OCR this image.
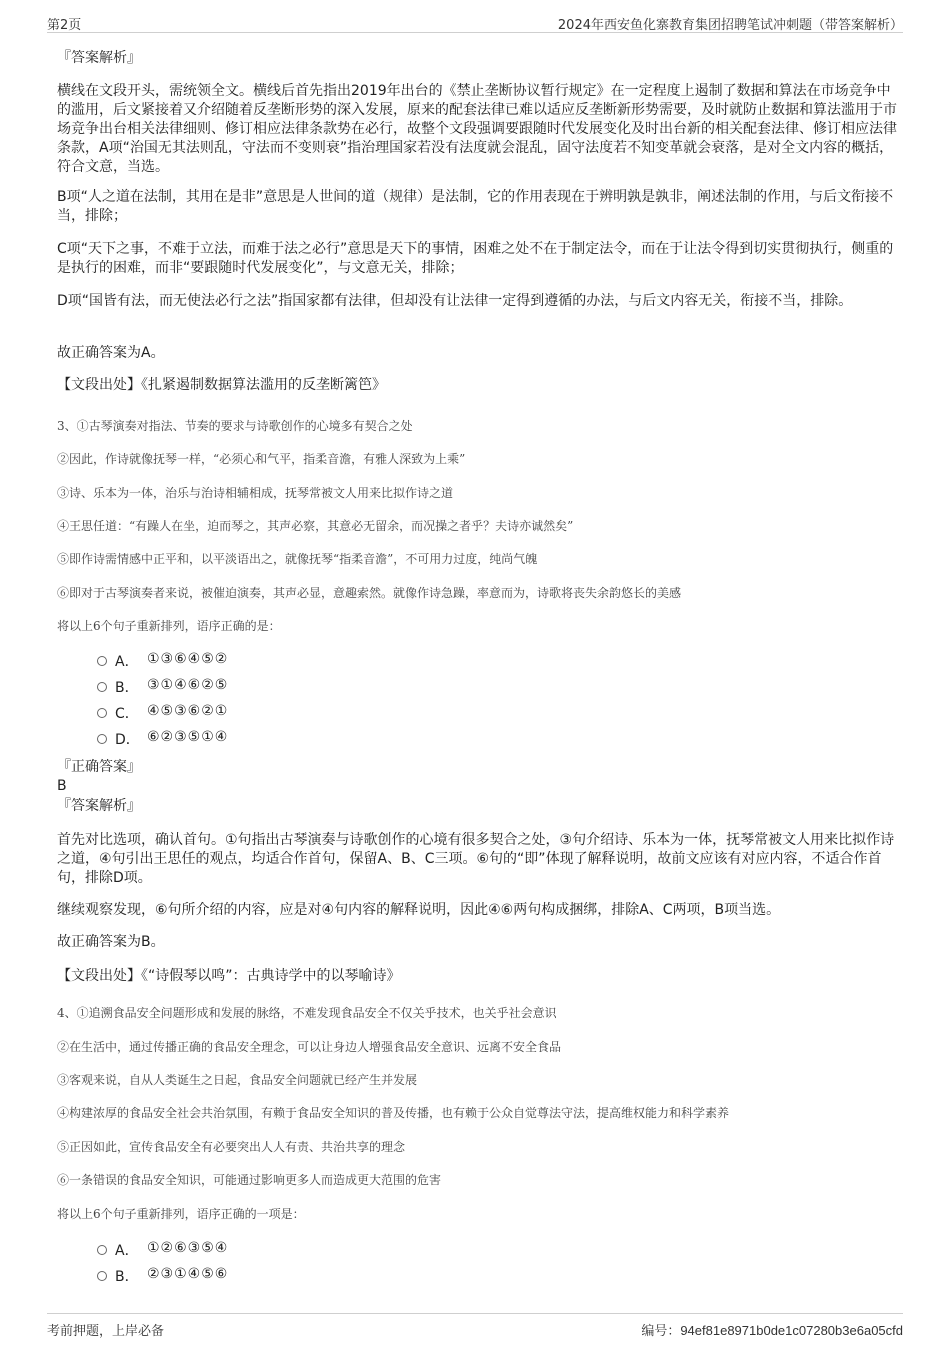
第2页	2024年西安鱼化寨教育集团招聘笔试冲刺题（带答案解析）
『答案解析』

横线在文段开头，需统领全文。横线后首先指出2019年出台的《禁止垄断协议暂行规定》在一定程度上遏制了数据和算法在市场竞争中的滥用，后文紧接着又介绍随着反垄断形势的深入发展，原来的配套法律已难以适应反垄断新形势需要，及时就防止数据和算法滥用于市场竞争出台相关法律细则、修订相应法律条款势在必行，故整个文段强调要跟随时代发展变化及时出台新的相关配套法律、修订相应法律条款，A项“治国无其法则乱，守法而不变则衰”指治理国家若没有法度就会混乱，固守法度若不知变革就会衰落，是对全文内容的概括，符合文意，当选。

B项“人之道在法制，其用在是非”意思是人世间的道（规律）是法制，它的作用表现在于辨明孰是孰非，阐述法制的作用，与后文衔接不当，排除；

C项“天下之事，不难于立法，而难于法之必行”意思是天下的事情，困难之处不在于制定法令，而在于让法令得到切实贯彻执行，侧重的是执行的困难，而非“要跟随时代发展变化”，与文意无关，排除；

D项“国皆有法，而无使法必行之法”指国家都有法律，但却没有让法律一定得到遵循的办法，与后文内容无关，衔接不当，排除。

故正确答案为A。

【文段出处】《扎紧遏制数据算法滥用的反垄断篱笆》

3、①古琴演奏对指法、节奏的要求与诗歌创作的心境多有契合之处
②因此，作诗就像抚琴一样，“必须心和气平，指柔音澹，有雅人深致为上乘”
③诗、乐本为一体，治乐与治诗相辅相成，抚琴常被文人用来比拟作诗之道
④王思任道：“有躁人在坐，迫而琴之，其声必察，其意必无留余，而况操之者乎？夫诗亦诚然矣”
⑤即作诗需情感中正平和，以平淡语出之，就像抚琴“指柔音澹”，不可用力过度，纯尚气魄
⑥即对于古琴演奏者来说，被催迫演奏，其声必显，意趣索然。就像作诗急躁，率意而为，诗歌将丧失余韵悠长的美感
将以上6个句子重新排列，语序正确的是：
A． ①③⑥④⑤②
B． ③①④⑥②⑤
C． ④⑤③⑥②①
D． ⑥②③⑤①④

『正确答案』

B

『答案解析』

首先对比选项，确认首句。①句指出古琴演奏与诗歌创作的心境有很多契合之处，③句介绍诗、乐本为一体，抚琴常被文人用来比拟作诗之道，④句引出王思任的观点，均适合作首句，保留A、B、C三项。⑥句的“即”体现了解释说明，故前文应该有对应内容，不适合作首句，排除D项。

继续观察发现，⑥句所介绍的内容，应是对④句内容的解释说明，因此④⑥两句构成捆绑，排除A、C两项，B项当选。

故正确答案为B。

【文段出处】《“诗假琴以鸣”：古典诗学中的以琴喻诗》

4、①追溯食品安全问题形成和发展的脉络，不难发现食品安全不仅关乎技术，也关乎社会意识
②在生活中，通过传播正确的食品安全理念，可以让身边人增强食品安全意识、远离不安全食品
③客观来说，自从人类诞生之日起，食品安全问题就已经产生并发展
④构建浓厚的食品安全社会共治氛围，有赖于食品安全知识的普及传播，也有赖于公众自觉尊法守法，提高维权能力和科学素养
⑤正因如此，宣传食品安全有必要突出人人有责、共治共享的理念
⑥一条错误的食品安全知识，可能通过影响更多人而造成更大范围的危害
将以上6个句子重新排列，语序正确的一项是：
A． ①②⑥③⑤④
B． ②③①④⑤⑥
考前押题，上岸必备	编号：94ef81e8971b0de1c07280b3e6a05cfd
